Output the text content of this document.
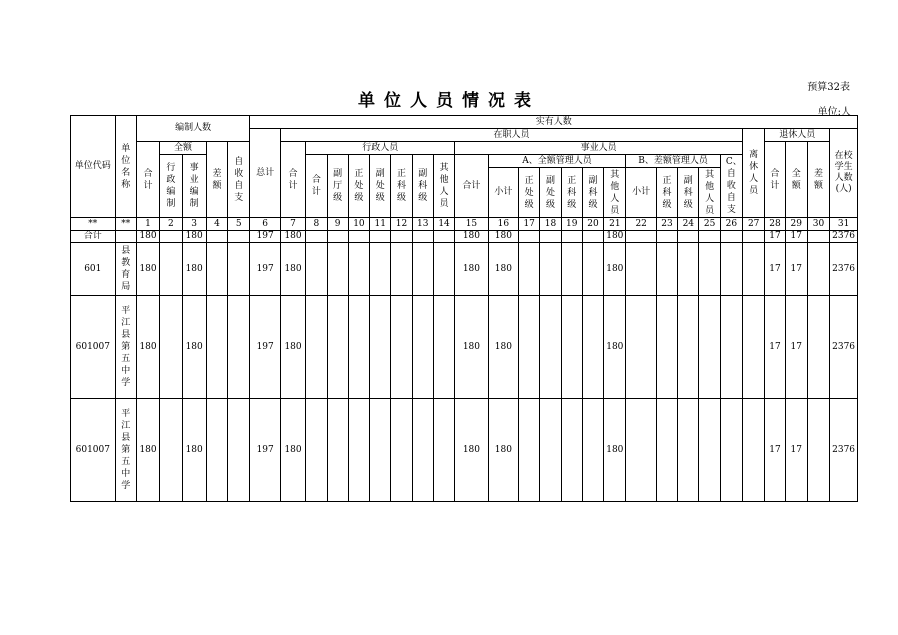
预算32表
单位人员情况表
单位:人
单位代码	单位名称	编制人数					实有人数																									
							总计	在职人员																				离休人员	退休人员			在校学生人数(人)
		合计	全额		差额	自收自支		合计	行政人员							事业人员													合计	全额	差额	
			行政编制	事业编制					合计	副厅级	正处级	副处级	正科级	副科级	其他人员	合计	A、全额管理人员						B、差额管理人员				C、自收自支					
																	小计	正处级	副处级	正科级	副科级	其他人员	小计	正科级	副科级	其他人员						
**	**	1	2	3	4	5	6	7	8	9	10	11	12	13	14	15	16	17	18	19	20	21	22	23	24	25	26	27	28	29	30	31
合计		180		180			197	180								180	180					180							17	17		2376
601	县教育局	180		180			197	180								180	180					180							17	17		2376
601007	平江县第五中学	180		180			197	180								180	180					180							17	17		2376
601007	平江县第五中学	180		180			197	180								180	180					180							17	17		2376
